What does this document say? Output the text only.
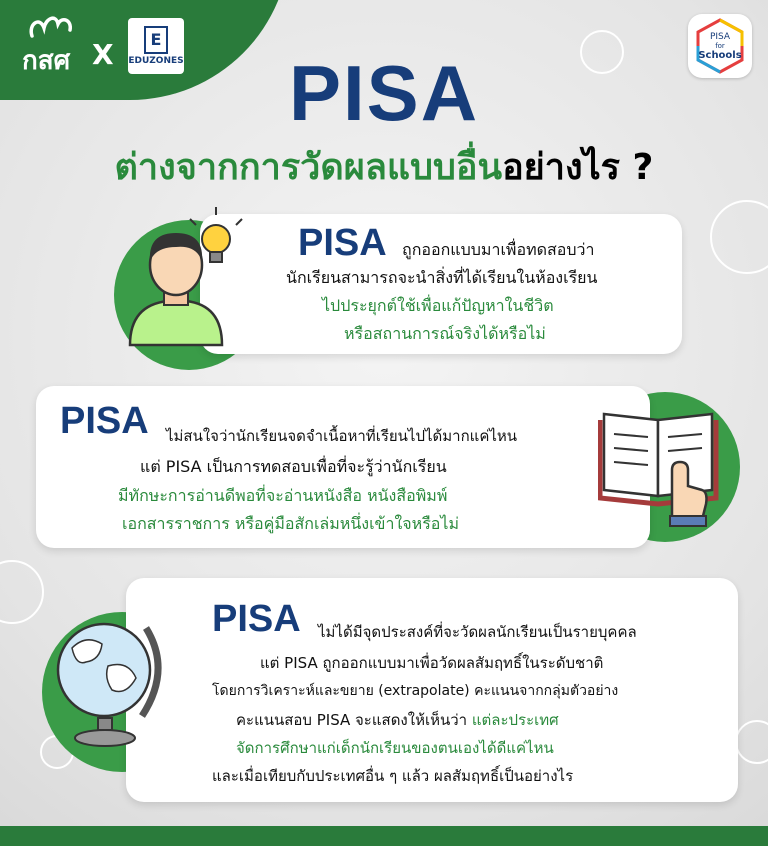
กสศ X	E
EDUZONES
PISA
for
Schools
PISA
ต่างจากการวัดผลแบบอื่นอย่างไร ?
PISA ถูกออกแบบมาเพื่อทดสอบว่า
นักเรียนสามารถจะนำสิ่งที่ได้เรียนในห้องเรียน
ไปประยุกต์ใช้เพื่อแก้ปัญหาในชีวิต
หรือสถานการณ์จริงได้หรือไม่
PISA ไม่สนใจว่านักเรียนจดจำเนื้อหาที่เรียนไปได้มากแค่ไหน
แต่ PISA เป็นการทดสอบเพื่อที่จะรู้ว่านักเรียน
มีทักษะการอ่านดีพอที่จะอ่านหนังสือ หนังสือพิมพ์
เอกสารราชการ หรือคู่มือสักเล่มหนึ่งเข้าใจหรือไม่
PISA ไม่ได้มีจุดประสงค์ที่จะวัดผลนักเรียนเป็นรายบุคคล
แต่ PISA ถูกออกแบบมาเพื่อวัดผลสัมฤทธิ์ในระดับชาติ
โดยการวิเคราะห์และขยาย (extrapolate) คะแนนจากกลุ่มตัวอย่าง
คะแนนสอบ PISA จะแสดงให้เห็นว่า แต่ละประเทศ
จัดการศึกษาแก่เด็กนักเรียนของตนเองได้ดีแค่ไหน
และเมื่อเทียบกับประเทศอื่น ๆ แล้ว ผลสัมฤทธิ์เป็นอย่างไร
